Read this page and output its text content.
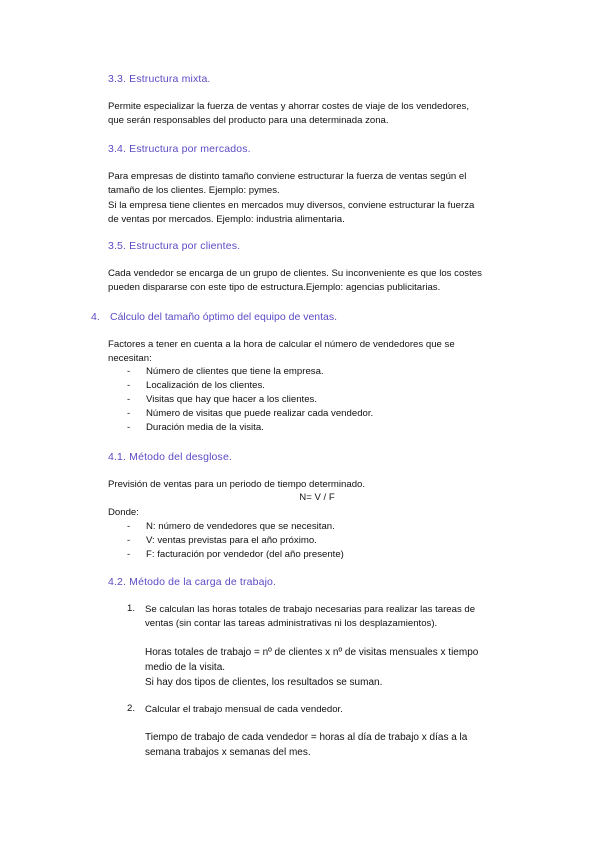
3.3. Estructura mixta.
Permite especializar la fuerza de ventas y ahorrar costes de viaje de los vendedores,
que serán responsables del producto para una determinada zona.
3.4. Estructura por mercados.
Para empresas de distinto tamaño conviene estructurar la fuerza de ventas según el
tamaño de los clientes. Ejemplo: pymes.
Si la empresa tiene clientes en mercados muy diversos, conviene estructurar la fuerza
de ventas por mercados. Ejemplo: industria alimentaria.
3.5. Estructura por clientes.
Cada vendedor se encarga de un grupo de clientes. Su inconveniente es que los costes
pueden dispararse con este tipo de estructura.Ejemplo: agencias publicitarias.
4. Cálculo del tamaño óptimo del equipo de ventas.
Factores a tener en cuenta a la hora de calcular el número de vendedores que se
necesitan:
- Número de clientes que tiene la empresa.
- Localización de los clientes.
- Visitas que hay que hacer a los clientes.
- Número de visitas que puede realizar cada vendedor.
- Duración media de la visita.
4.1. Método del desglose.
Previsión de ventas para un periodo de tiempo determinado.
N= V / F
Donde:
- N: número de vendedores que se necesitan.
- V: ventas previstas para el año próximo.
- F: facturación por vendedor (del año presente)
4.2. Método de la carga de trabajo.
1. Se calculan las horas totales de trabajo necesarias para realizar las tareas de
ventas (sin contar las tareas administrativas ni los desplazamientos).
Horas totales de trabajo = nº de clientes x nº de visitas mensuales x tiempo
medio de la visita.
Si hay dos tipos de clientes, los resultados se suman.
2. Calcular el trabajo mensual de cada vendedor.
Tiempo de trabajo de cada vendedor = horas al día de trabajo x días a la
semana trabajos x semanas del mes.
